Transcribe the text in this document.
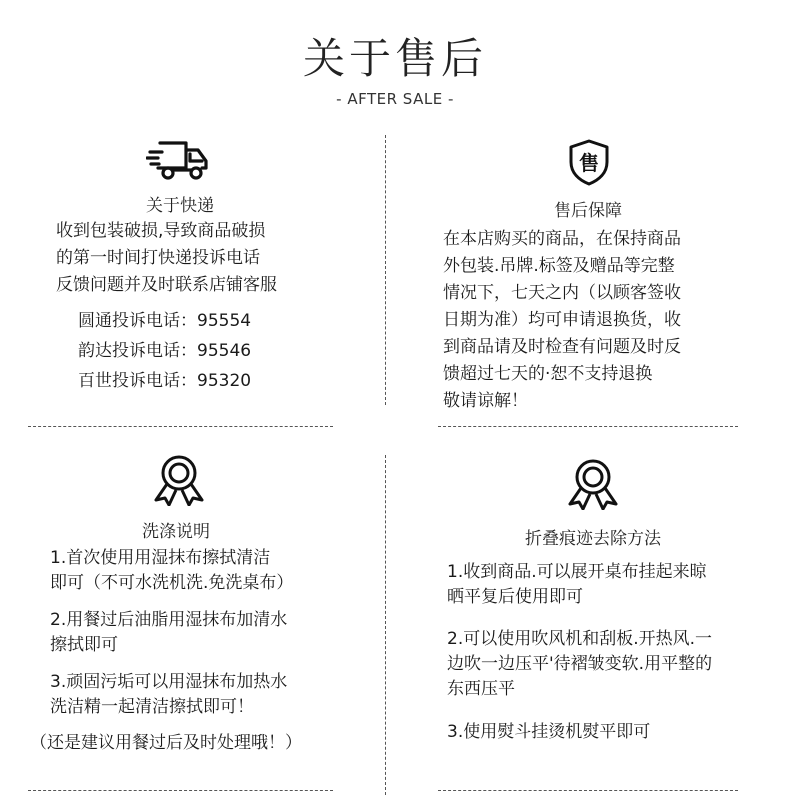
关于售后
- AFTER SALE -
关于快递
收到包装破损,导致商品破损
的第一时间打快递投诉电话
反馈问题并及时联系店铺客服
圆通投诉电话：95554
韵达投诉电话：95546
百世投诉电话：95320
售
售后保障
在本店购买的商品，在保持商品
外包装.吊牌.标签及赠品等完整
情况下，七天之内（以顾客签收
日期为准）均可申请退换货，收
到商品请及时检查有问题及时反
馈超过七天的·恕不支持退换
敬请谅解！
洗涤说明
1.首次使用用湿抹布擦拭清洁
即可（不可水洗机洗.免洗桌布）
2.用餐过后油脂用湿抹布加清水
擦拭即可
3.顽固污垢可以用湿抹布加热水
洗洁精一起清洁擦拭即可！
（还是建议用餐过后及时处理哦！）
折叠痕迹去除方法
1.收到商品.可以展开桌布挂起来晾
晒平复后使用即可
2.可以使用吹风机和刮板.开热风.一
边吹一边压平'待褶皱变软.用平整的
东西压平
3.使用熨斗挂烫机熨平即可
